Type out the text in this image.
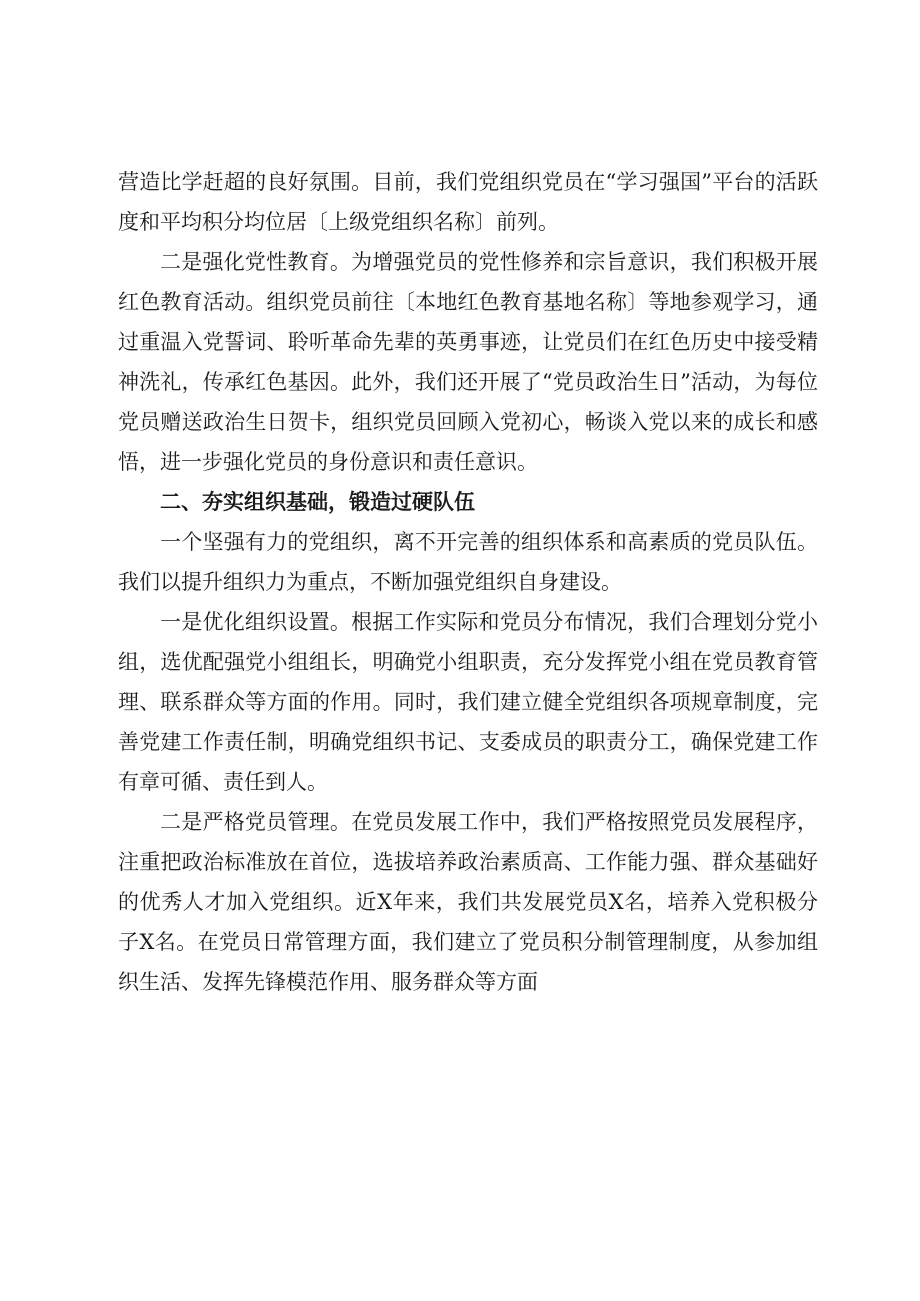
营造比学赶超的良好氛围。目前，我们党组织党员在“学习强国”平台的活跃度和平均积分均位居〔上级党组织名称〕前列。

二是强化党性教育。为增强党员的党性修养和宗旨意识，我们积极开展红色教育活动。组织党员前往〔本地红色教育基地名称〕等地参观学习，通过重温入党誓词、聆听革命先辈的英勇事迹，让党员们在红色历史中接受精神洗礼，传承红色基因。此外，我们还开展了“党员政治生日”活动，为每位党员赠送政治生日贺卡，组织党员回顾入党初心，畅谈入党以来的成长和感悟，进一步强化党员的身份意识和责任意识。

二、夯实组织基础，锻造过硬队伍

一个坚强有力的党组织，离不开完善的组织体系和高素质的党员队伍。我们以提升组织力为重点，不断加强党组织自身建设。

一是优化组织设置。根据工作实际和党员分布情况，我们合理划分党小组，选优配强党小组组长，明确党小组职责，充分发挥党小组在党员教育管理、联系群众等方面的作用。同时，我们建立健全党组织各项规章制度，完善党建工作责任制，明确党组织书记、支委成员的职责分工，确保党建工作有章可循、责任到人。

二是严格党员管理。在党员发展工作中，我们严格按照党员发展程序，注重把政治标准放在首位，选拔培养政治素质高、工作能力强、群众基础好的优秀人才加入党组织。近X年来，我们共发展党员X名，培养入党积极分子X名。在党员日常管理方面，我们建立了党员积分制管理制度，从参加组织生活、发挥先锋模范作用、服务群众等方面
